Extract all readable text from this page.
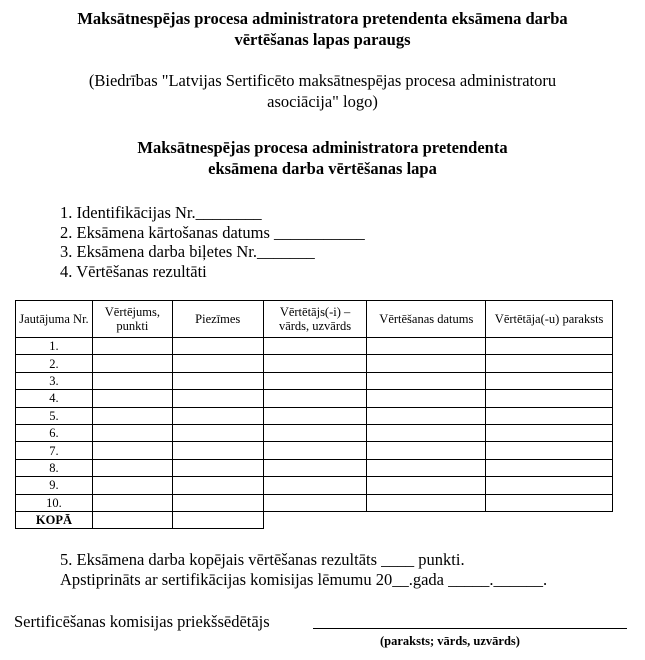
Maksātnespējas procesa administratora pretendenta eksāmena darba
vērtēšanas lapas paraugs
(Biedrības "Latvijas Sertificēto maksātnespējas procesa administratoru
asociācija" logo)
Maksātnespējas procesa administratora pretendenta
eksāmena darba vērtēšanas lapa
1. Identifikācijas Nr.________
2. Eksāmena kārtošanas datums ___________
3. Eksāmena darba biļetes Nr._______
4. Vērtēšanas rezultāti
Jautājuma Nr.	Vērtējums, punkti	Piezīmes	Vērtētājs(-i) – vārds, uzvārds	Vērtēšanas datums	Vērtētāja(-u) paraksts
1.					
2.					
3.					
4.					
5.					
6.					
7.					
8.					
9.					
10.					
KOPĀ					
5. Eksāmena darba kopējais vērtēšanas rezultāts ____ punkti.
Apstiprināts ar sertifikācijas komisijas lēmumu 20__.gada _____.______.
Sertificēšanas komisijas priekšsēdētājs
(paraksts; vārds, uzvārds)
